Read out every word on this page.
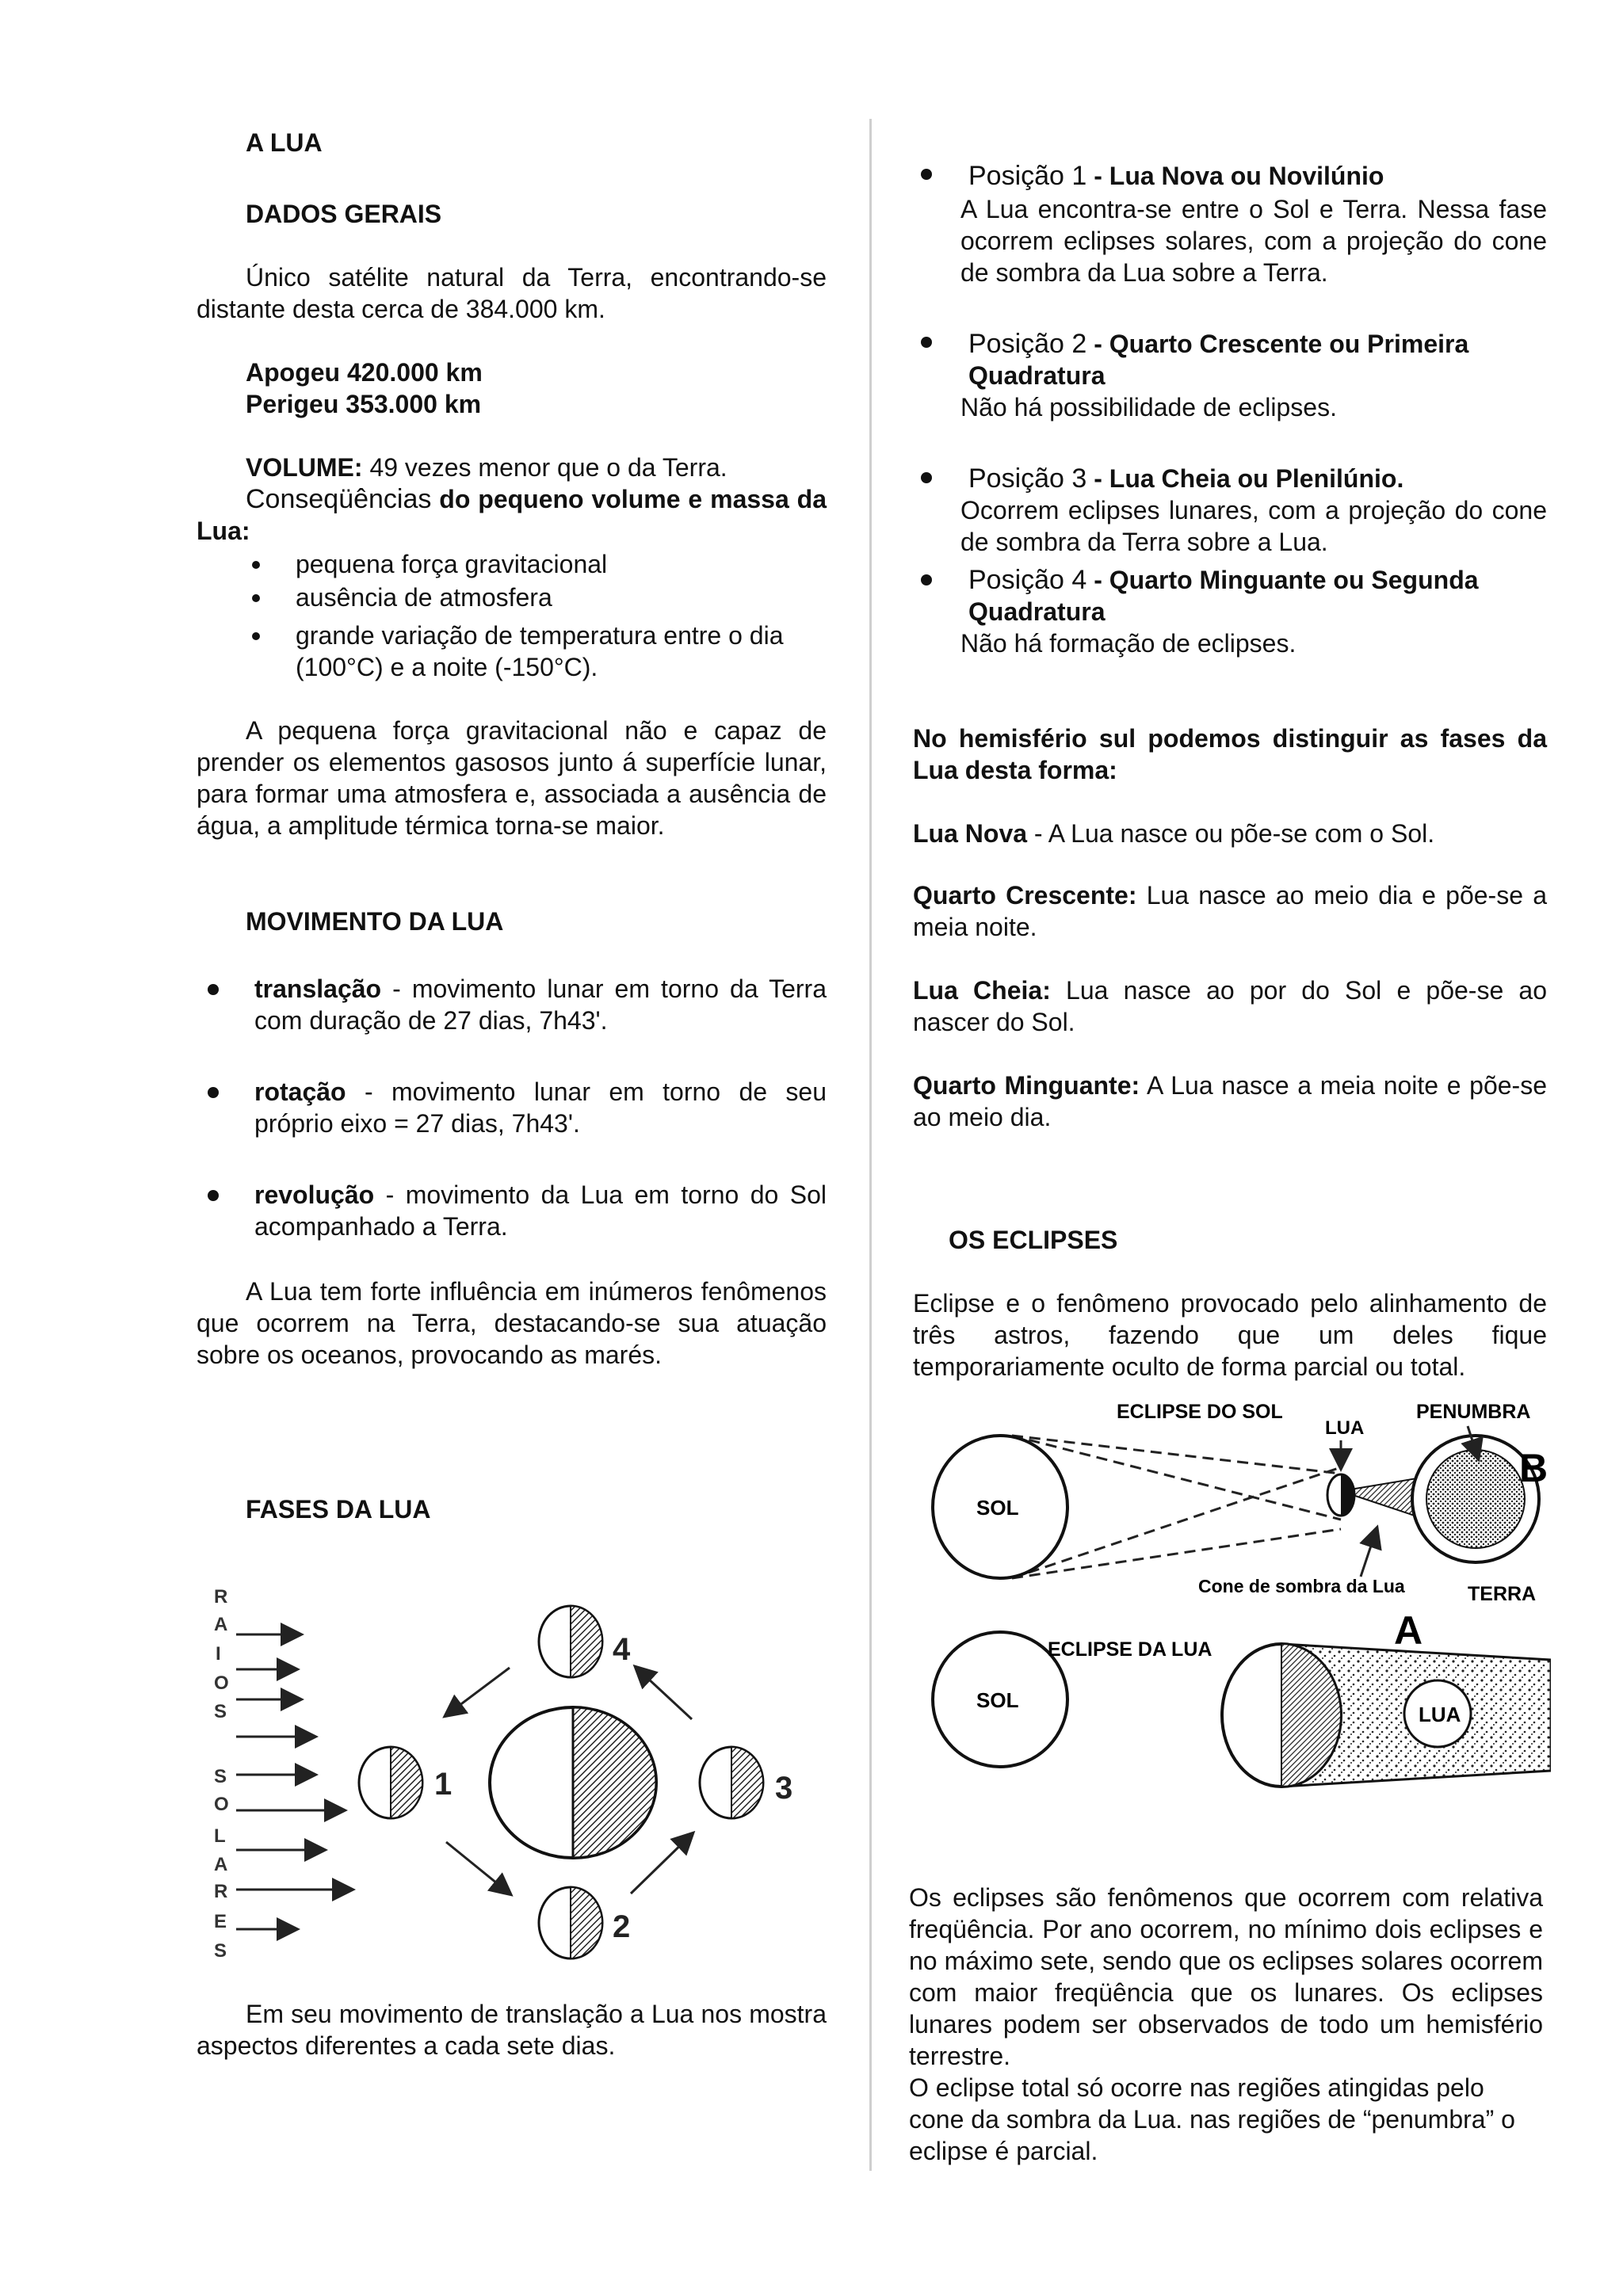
A LUA
DADOS GERAIS
Único satélite natural da Terra, encontrando-se distante desta cerca de 384.000 km.
Apogeu 420.000 km
Perigeu 353.000 km
VOLUME: 49 vezes menor que o da Terra.
Conseqüências do pequeno volume e massa da Lua:
pequena força gravitacional
ausência de atmosfera
grande variação de temperatura entre o dia (100°C) e a noite (-150°C).
A pequena força gravitacional não e capaz de prender os elementos gasosos junto á superfície lunar, para formar uma atmosfera e, associada a ausência de água, a amplitude térmica torna-se maior.
MOVIMENTO DA LUA
translação - movimento lunar em torno da Terra com duração de 27 dias, 7h43'.
rotação - movimento lunar em torno de seu próprio eixo = 27 dias, 7h43'.
revolução - movimento da Lua em torno do Sol acompanhado a Terra.
A Lua tem forte influência em inúmeros fenômenos que ocorrem na Terra, destacando-se sua atuação sobre os oceanos, provocando as marés.
FASES DA LUA
R
A
I
O
S
S
O
L
A
R
E
S
1
2
3
4
Em seu movimento de translação a Lua nos mostra aspectos diferentes a cada sete dias.
Posição 1 - Lua Nova ou Novilúnio
A Lua encontra-se entre o Sol e Terra. Nessa fase ocorrem eclipses solares, com a projeção do cone de sombra da Lua sobre a Terra.
Posição 2 - Quarto Crescente ou Primeira Quadratura
Não há possibilidade de eclipses.
Posição 3 - Lua Cheia ou Plenilúnio.
Ocorrem eclipses lunares, com a projeção do cone de sombra da Terra sobre a Lua.
Posição 4 - Quarto Minguante ou Segunda Quadratura
Não há formação de eclipses.
No hemisfério sul podemos distinguir as fases da Lua desta forma:
Lua Nova - A Lua nasce ou põe-se com o Sol.
Quarto Crescente: Lua nasce ao meio dia e põe-se a meia noite.
Lua Cheia: Lua nasce ao por do Sol e põe-se ao nascer do Sol.
Quarto Minguante: A Lua nasce a meia noite e põe-se ao meio dia.
OS ECLIPSES
Eclipse e o fenômeno provocado pelo alinhamento de três astros, fazendo que um deles fique temporariamente oculto de forma parcial ou total.
SOL
ECLIPSE DO SOL
LUA
PENUMBRA
B
Cone de sombra da Lua	TERRA
SOL
LUA
ECLIPSE DA LUA	A
Os eclipses são fenômenos que ocorrem com relativa freqüência. Por ano ocorrem, no mínimo dois eclipses e no máximo sete, sendo que os eclipses solares ocorrem com maior freqüência que os lunares. Os eclipses lunares podem ser observados de todo um hemisfério terrestre.
O eclipse total só ocorre nas regiões atingidas pelo cone da sombra da Lua. nas regiões de “penumbra” o eclipse é parcial.
